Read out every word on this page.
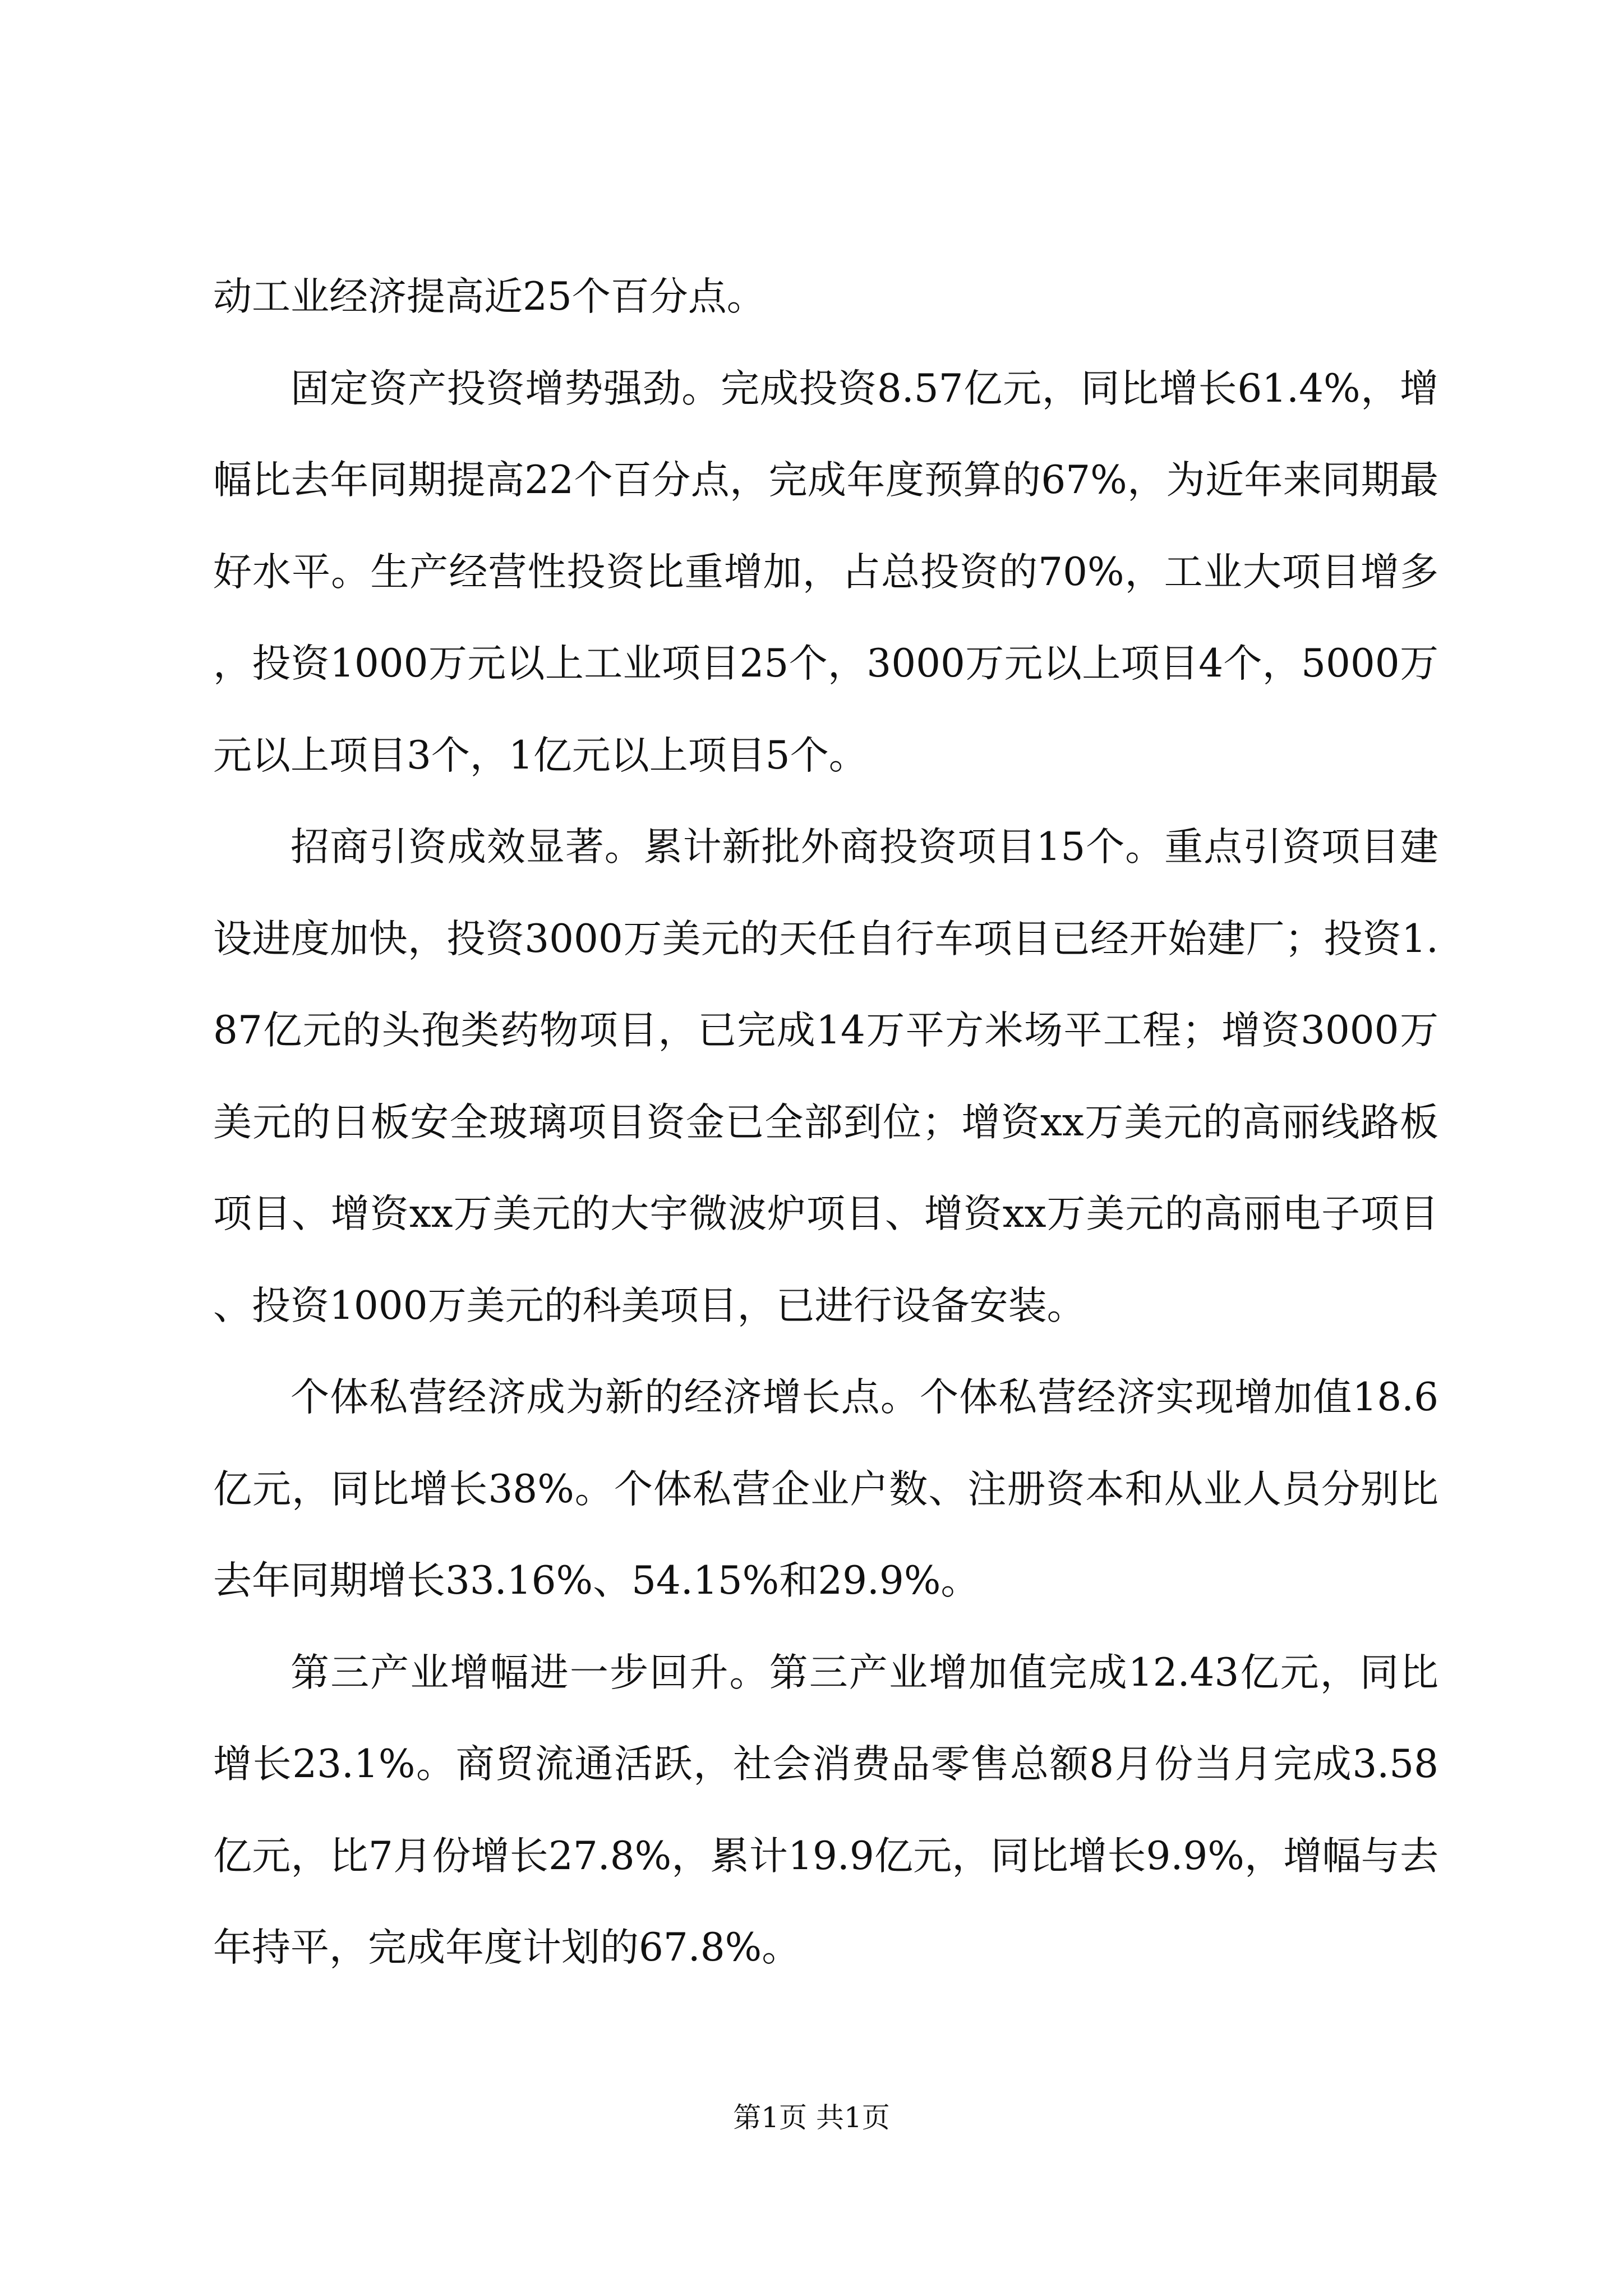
动工业经济提高近25个百分点。

固定资产投资增势强劲。完成投资8.57亿元，同比增长61.4%，增幅比去年同期提高22个百分点，完成年度预算的67%，为近年来同期最好水平。生产经营性投资比重增加，占总投资的70%，工业大项目增多，投资1000万元以上工业项目25个，3000万元以上项目4个，5000万元以上项目3个，1亿元以上项目5个。

招商引资成效显著。累计新批外商投资项目15个。重点引资项目建设进度加快，投资3000万美元的天任自行车项目已经开始建厂；投资1.87亿元的头孢类药物项目，已完成14万平方米场平工程；增资3000万美元的日板安全玻璃项目资金已全部到位；增资xx万美元的高丽线路板项目、增资xx万美元的大宇微波炉项目、增资xx万美元的高丽电子项目、投资1000万美元的科美项目，已进行设备安装。

个体私营经济成为新的经济增长点。个体私营经济实现增加值18.6亿元，同比增长38%。个体私营企业户数、注册资本和从业人员分别比去年同期增长33.16%、54.15%和29.9%。

第三产业增幅进一步回升。第三产业增加值完成12.43亿元，同比增长23.1%。商贸流通活跃，社会消费品零售总额8月份当月完成3.58亿元，比7月份增长27.8%，累计19.9亿元，同比增长9.9%，增幅与去年持平，完成年度计划的67.8%。

第1页 共1页
